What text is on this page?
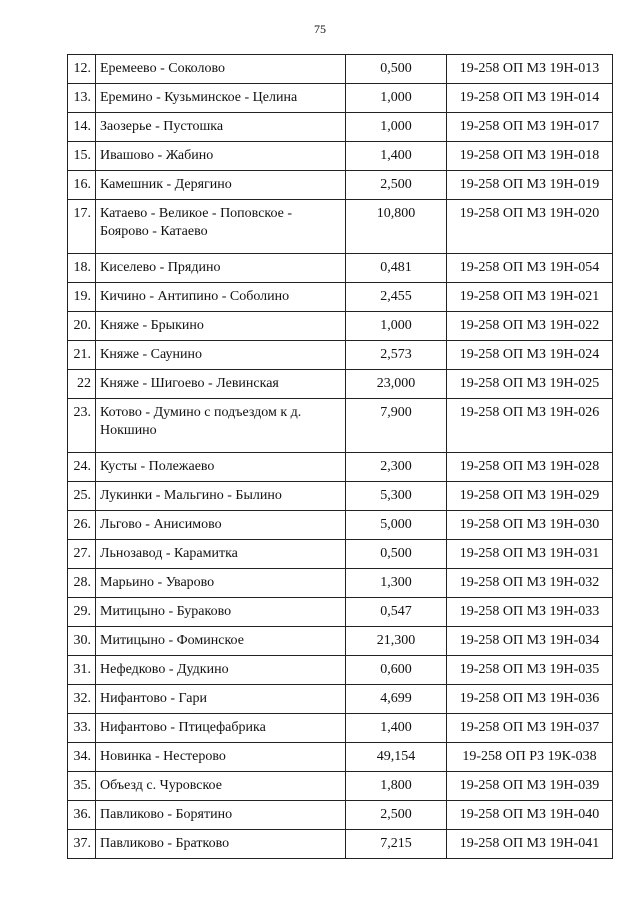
75
12.	Еремеево - Соколово	0,500	19-258 ОП МЗ 19Н-013
13.	Еремино - Кузьминское - Целина	1,000	19-258 ОП МЗ 19Н-014
14.	Заозерье - Пустошка	1,000	19-258 ОП МЗ 19Н-017
15.	Ивашово - Жабино	1,400	19-258 ОП МЗ 19Н-018
16.	Камешник - Дерягино	2,500	19-258 ОП МЗ 19Н-019
17.	Катаево - Великое - Поповское - Боярово - Катаево	10,800	19-258 ОП МЗ 19Н-020
18.	Киселево - Прядино	0,481	19-258 ОП МЗ 19Н-054
19.	Кичино - Антипино - Соболино	2,455	19-258 ОП МЗ 19Н-021
20.	Княже - Брыкино	1,000	19-258 ОП МЗ 19Н-022
21.	Княже - Саунино	2,573	19-258 ОП МЗ 19Н-024
22	Княже - Шигоево - Левинская	23,000	19-258 ОП МЗ 19Н-025
23.	Котово - Думино с подъездом к д. Нокшино	7,900	19-258 ОП МЗ 19Н-026
24.	Кусты - Полежаево	2,300	19-258 ОП МЗ 19Н-028
25.	Лукинки - Мальгино - Былино	5,300	19-258 ОП МЗ 19Н-029
26.	Льгово - Анисимово	5,000	19-258 ОП МЗ 19Н-030
27.	Льнозавод - Карамитка	0,500	19-258 ОП МЗ 19Н-031
28.	Марьино - Уварово	1,300	19-258 ОП МЗ 19Н-032
29.	Митицыно - Бураково	0,547	19-258 ОП МЗ 19Н-033
30.	Митицыно - Фоминское	21,300	19-258 ОП МЗ 19Н-034
31.	Нефедково - Дудкино	0,600	19-258 ОП МЗ 19Н-035
32.	Нифантово - Гари	4,699	19-258 ОП МЗ 19Н-036
33.	Нифантово - Птицефабрика	1,400	19-258 ОП МЗ 19Н-037
34.	Новинка - Нестерово	49,154	19-258 ОП РЗ 19К-038
35.	Объезд с. Чуровское	1,800	19-258 ОП МЗ 19Н-039
36.	Павликово - Борятино	2,500	19-258 ОП МЗ 19Н-040
37.	Павликово - Братково	7,215	19-258 ОП МЗ 19Н-041
